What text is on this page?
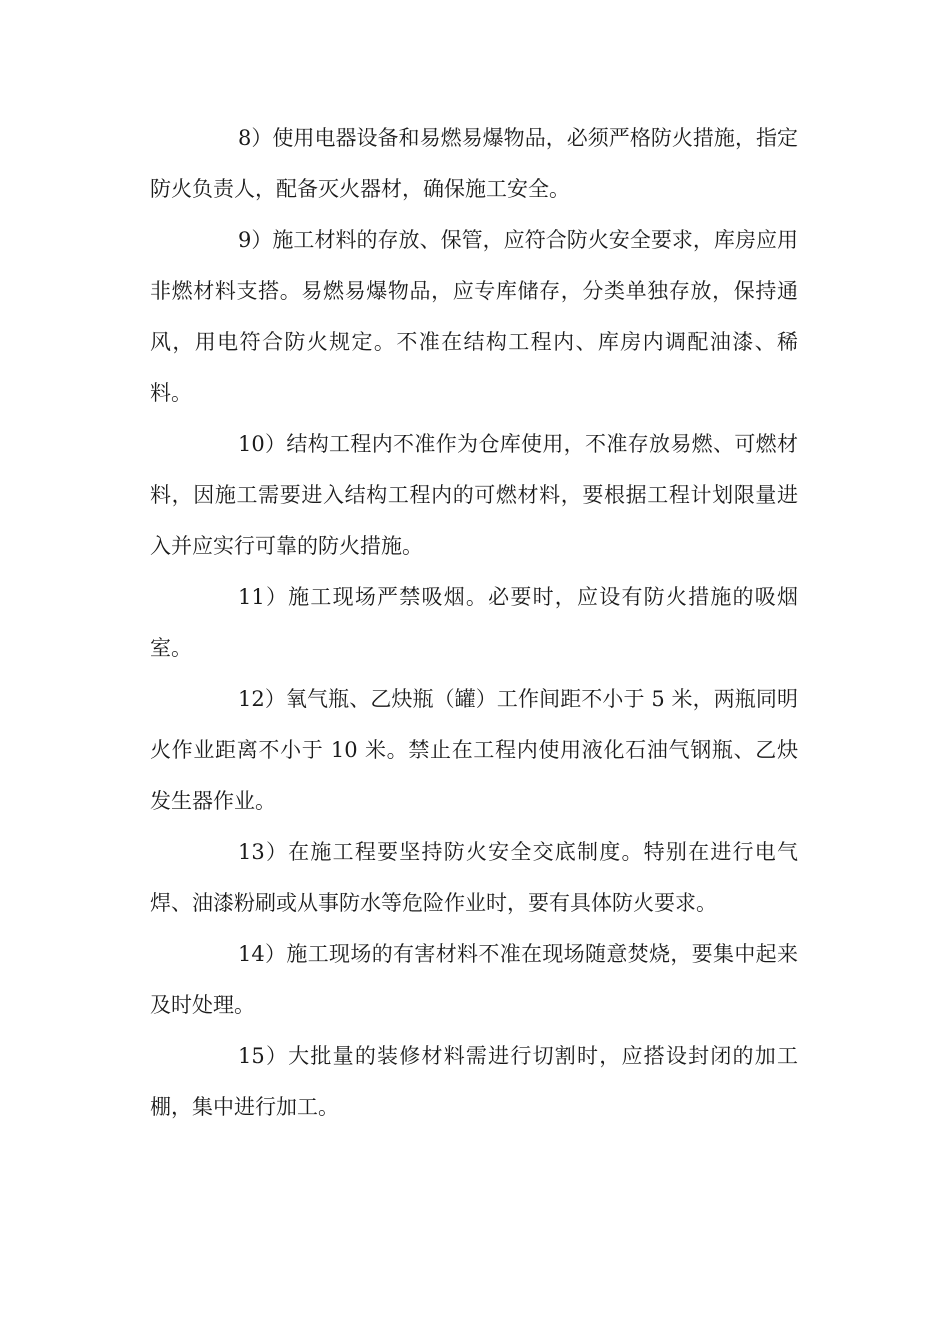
8）使用电器设备和易燃易爆物品，必须严格防火措施，指定防火负责人，配备灭火器材，确保施工安全。

9）施工材料的存放、保管，应符合防火安全要求，库房应用非燃材料支搭。易燃易爆物品，应专库储存，分类单独存放，保持通风，用电符合防火规定。不准在结构工程内、库房内调配油漆、稀料。

10）结构工程内不准作为仓库使用，不准存放易燃、可燃材料，因施工需要进入结构工程内的可燃材料，要根据工程计划限量进入并应实行可靠的防火措施。

11）施工现场严禁吸烟。必要时，应设有防火措施的吸烟室。

12）氧气瓶、乙炔瓶（罐）工作间距不小于 5 米，两瓶同明火作业距离不小于 10 米。禁止在工程内使用液化石油气钢瓶、乙炔发生器作业。

13）在施工程要坚持防火安全交底制度。特别在进行电气焊、油漆粉刷或从事防水等危险作业时，要有具体防火要求。

14）施工现场的有害材料不准在现场随意焚烧，要集中起来及时处理。

15）大批量的装修材料需进行切割时，应搭设封闭的加工棚，集中进行加工。
